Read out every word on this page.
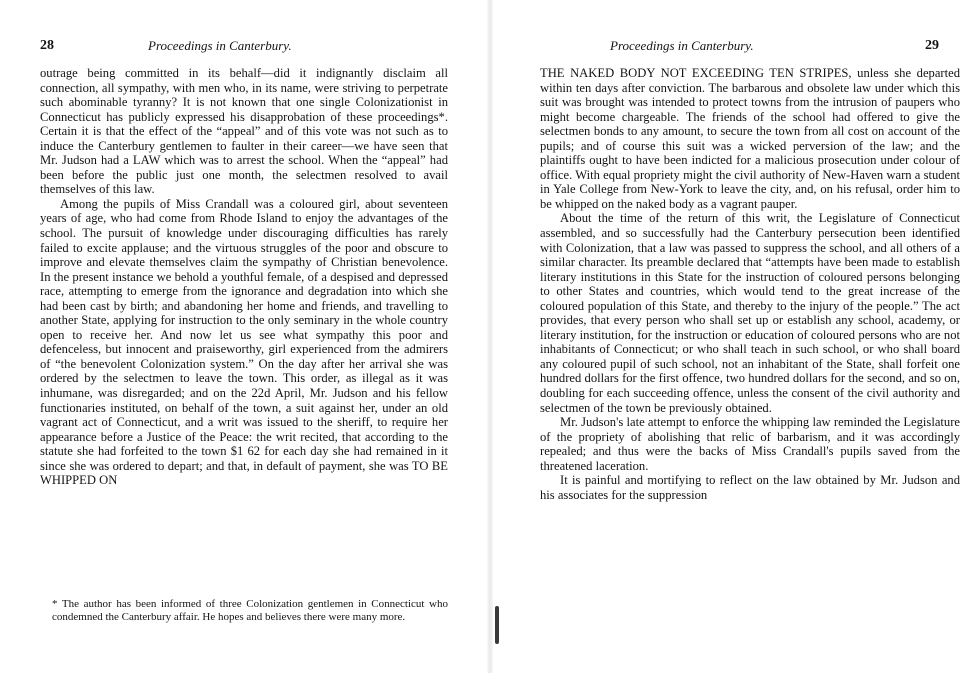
28	Proceedings in Canterbury.

outrage being committed in its behalf—did it indignantly disclaim all connection, all sympathy, with men who, in its name, were striving to perpetrate such abominable tyranny? It is not known that one single Colonizationist in Connecticut has publicly expressed his disapprobation of these proceedings*. Certain it is that the effect of the “appeal” and of this vote was not such as to induce the Canterbury gentlemen to faulter in their career—we have seen that Mr. Judson had a LAW which was to arrest the school. When the “appeal” had been before the public just one month, the selectmen resolved to avail themselves of this law.

Among the pupils of Miss Crandall was a coloured girl, about seventeen years of age, who had come from Rhode Island to enjoy the advantages of the school. The pursuit of knowledge under discouraging difficulties has rarely failed to excite applause; and the virtuous struggles of the poor and obscure to improve and elevate themselves claim the sympathy of Christian benevolence. In the present instance we behold a youthful female, of a despised and depressed race, attempting to emerge from the ignorance and degradation into which she had been cast by birth; and abandoning her home and friends, and travelling to another State, applying for instruction to the only seminary in the whole country open to receive her. And now let us see what sympathy this poor and defenceless, but innocent and praiseworthy, girl experienced from the admirers of “the benevolent Colonization system.” On the day after her arrival she was ordered by the selectmen to leave the town. This order, as illegal as it was inhumane, was disregarded; and on the 22d April, Mr. Judson and his fellow functionaries instituted, on behalf of the town, a suit against her, under an old vagrant act of Connecticut, and a writ was issued to the sheriff, to require her appearance before a Justice of the Peace: the writ recited, that according to the statute she had forfeited to the town $1 62 for each day she had remained in it since she was ordered to depart; and that, in default of payment, she was TO BE WHIPPED ON

* The author has been informed of three Colonization gentlemen in Connecticut who condemned the Canterbury affair. He hopes and believes there were many more.
Proceedings in Canterbury.	29

THE NAKED BODY NOT EXCEEDING TEN STRIPES, unless she departed within ten days after conviction. The barbarous and obsolete law under which this suit was brought was intended to protect towns from the intrusion of paupers who might become chargeable. The friends of the school had offered to give the selectmen bonds to any amount, to secure the town from all cost on account of the pupils; and of course this suit was a wicked perversion of the law; and the plaintiffs ought to have been indicted for a malicious prosecution under colour of office. With equal propriety might the civil authority of New-Haven warn a student in Yale College from New-York to leave the city, and, on his refusal, order him to be whipped on the naked body as a vagrant pauper.

About the time of the return of this writ, the Legislature of Connecticut assembled, and so successfully had the Canterbury persecution been identified with Colonization, that a law was passed to suppress the school, and all others of a similar character. Its preamble declared that “attempts have been made to establish literary institutions in this State for the instruction of coloured persons belonging to other States and countries, which would tend to the great increase of the coloured population of this State, and thereby to the injury of the people.” The act provides, that every person who shall set up or establish any school, academy, or literary institution, for the instruction or education of coloured persons who are not inhabitants of Connecticut; or who shall teach in such school, or who shall board any coloured pupil of such school, not an inhabitant of the State, shall forfeit one hundred dollars for the first offence, two hundred dollars for the second, and so on, doubling for each succeeding offence, unless the consent of the civil authority and selectmen of the town be previously obtained.

Mr. Judson's late attempt to enforce the whipping law reminded the Legislature of the propriety of abolishing that relic of barbarism, and it was accordingly repealed; and thus were the backs of Miss Crandall's pupils saved from the threatened laceration.

It is painful and mortifying to reflect on the law obtained by Mr. Judson and his associates for the suppression
